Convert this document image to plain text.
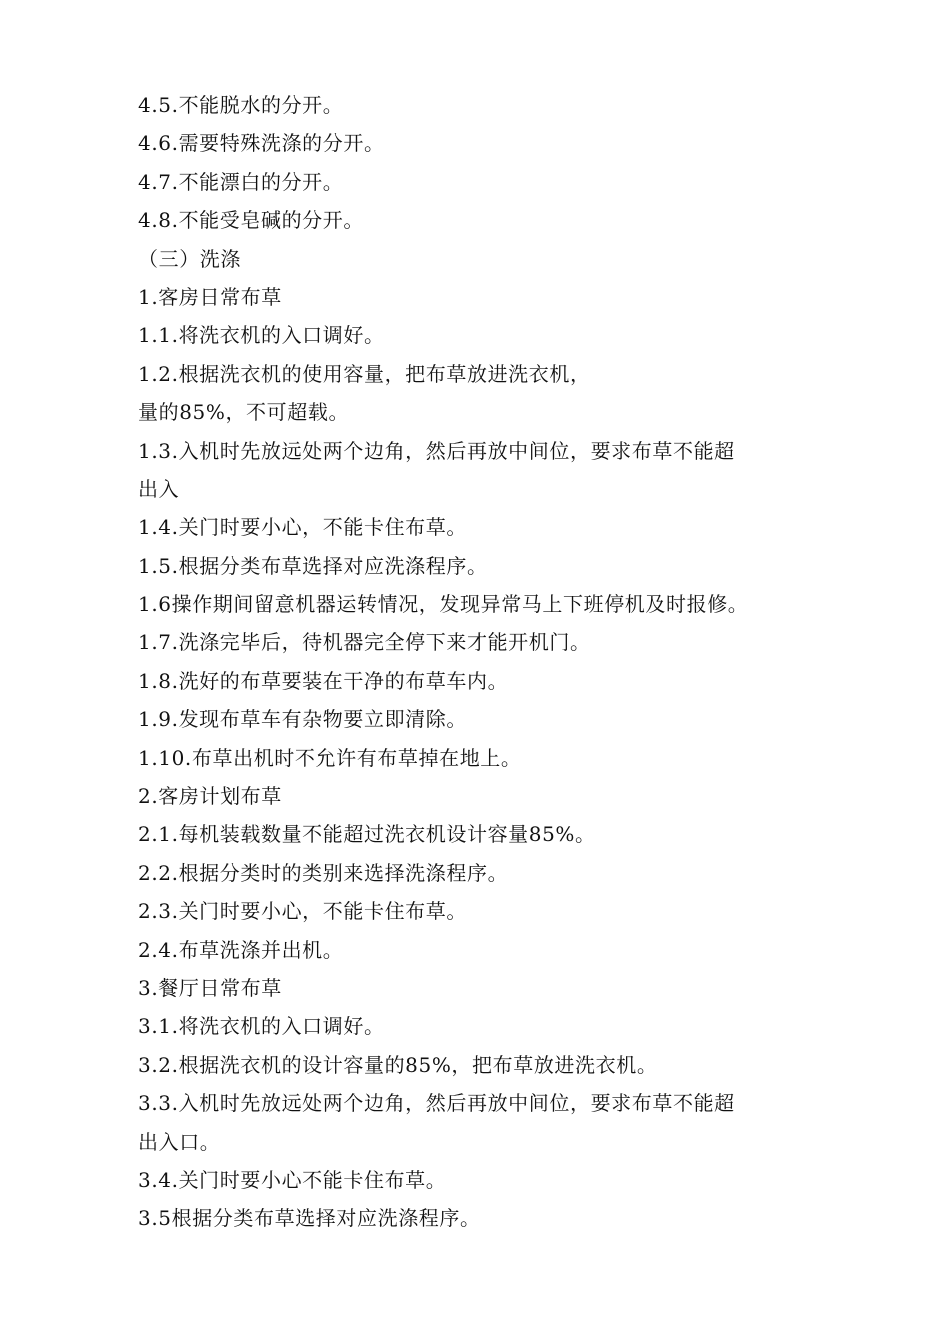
4.5.不能脱水的分开。
4.6.需要特殊洗涤的分开。
4.7.不能漂白的分开。
4.8.不能受皂碱的分开。
（三）洗涤
1.客房日常布草
1.1.将洗衣机的入口调好。
1.2.根据洗衣机的使用容量，把布草放进洗衣机，
量的85%，不可超载。
1.3.入机时先放远处两个边角，然后再放中间位，要求布草不能超
出入
1.4.关门时要小心，不能卡住布草。
1.5.根据分类布草选择对应洗涤程序。
1.6操作期间留意机器运转情况，发现异常马上下班停机及时报修。
1.7.洗涤完毕后，待机器完全停下来才能开机门。
1.8.洗好的布草要装在干净的布草车内。
1.9.发现布草车有杂物要立即清除。
1.10.布草出机时不允许有布草掉在地上。
2.客房计划布草
2.1.每机装载数量不能超过洗衣机设计容量85%。
2.2.根据分类时的类别来选择洗涤程序。
2.3.关门时要小心，不能卡住布草。
2.4.布草洗涤并出机。
3.餐厅日常布草
3.1.将洗衣机的入口调好。
3.2.根据洗衣机的设计容量的85%，把布草放进洗衣机。
3.3.入机时先放远处两个边角，然后再放中间位，要求布草不能超
出入口。
3.4.关门时要小心不能卡住布草。
3.5根据分类布草选择对应洗涤程序。
